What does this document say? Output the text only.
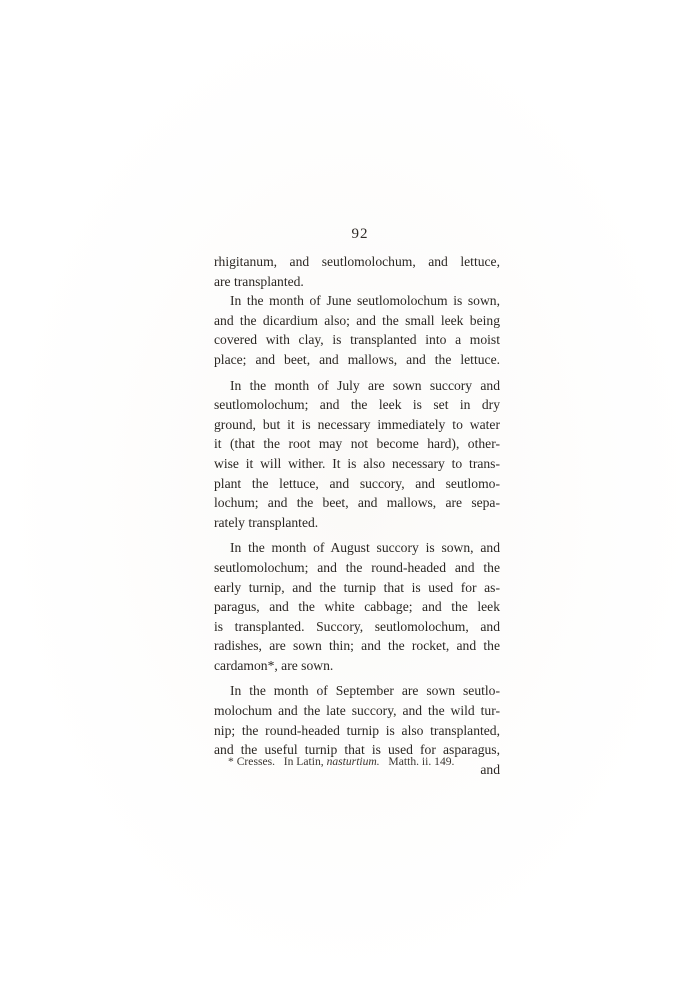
92
rhigitanum, and seutlomolochum, and lettuce,
are transplanted.
In the month of June seutlomolochum is sown,
and the dicardium also; and the small leek being
covered with clay, is transplanted into a moist
place; and beet, and mallows, and the lettuce.
In the month of July are sown succory and
seutlomolochum; and the leek is set in dry
ground, but it is necessary immediately to water
it (that the root may not become hard), other-
wise it will wither. It is also necessary to trans-
plant the lettuce, and succory, and seutlomo-
lochum; and the beet, and mallows, are sepa-
rately transplanted.
In the month of August succory is sown, and
seutlomolochum; and the round-headed and the
early turnip, and the turnip that is used for as-
paragus, and the white cabbage; and the leek
is transplanted. Succory, seutlomolochum, and
radishes, are sown thin; and the rocket, and the
cardamon*, are sown.
In the month of September are sown seutlo-
molochum and the late succory, and the wild tur-
nip; the round-headed turnip is also transplanted,
and the useful turnip that is used for asparagus,
and
* Cresses. In Latin, nasturtium. Matth. ii. 149.
